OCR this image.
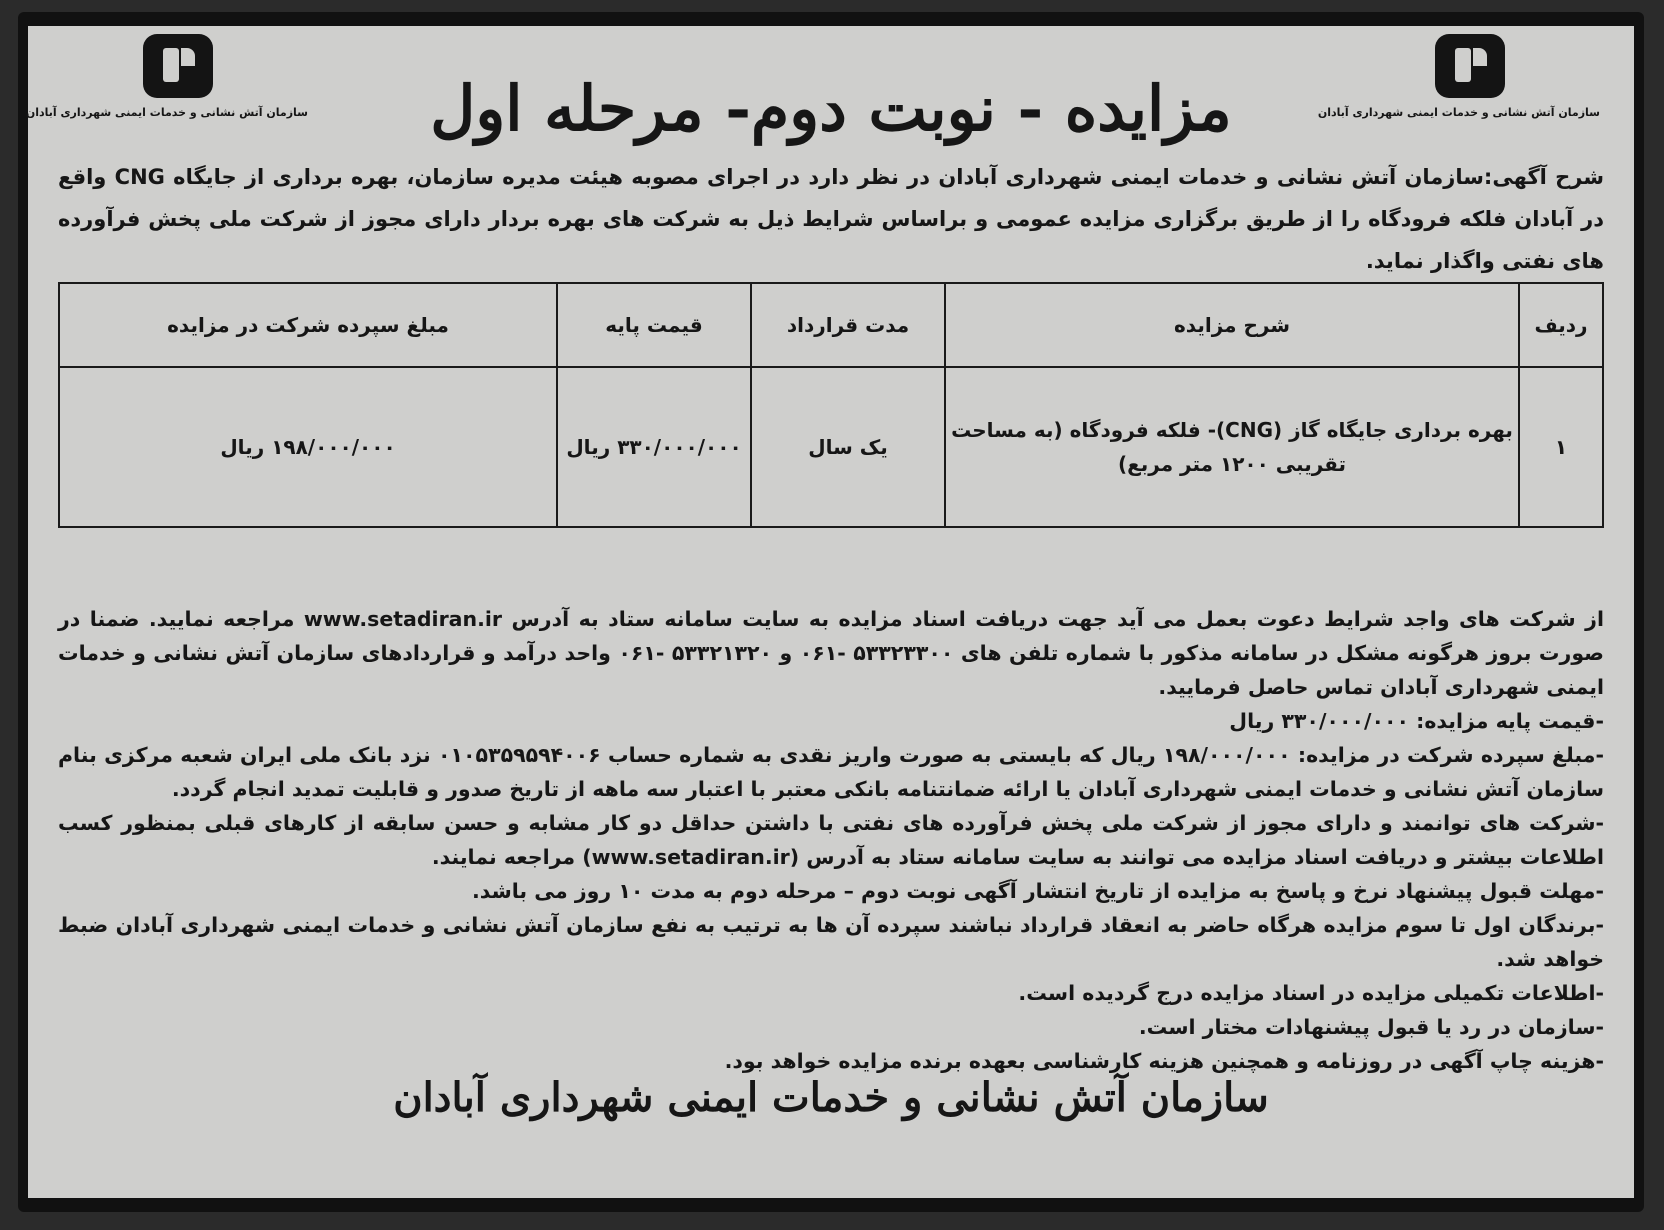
سازمان آتش نشانی و خدمات ایمنی شهرداری آبادان
سازمان آتش نشانی و خدمات ایمنی شهرداری آبادان	مزایده - نوبت دوم- مرحله اول
شرح آگهی:سازمان آتش نشانی و خدمات ایمنی شهرداری آبادان در نظر دارد در اجرای مصوبه هیئت مدیره سازمان، بهره برداری از جایگاه CNG واقع در آبادان فلکه فرودگاه را از طریق برگزاری مزایده عمومی و براساس شرایط ذیل به شرکت های بهره بردار دارای مجوز از شرکت ملی پخش فرآورده های نفتی واگذار نماید.
ردیف	شرح مزایده	مدت قرارداد	قیمت پایه	مبلغ سپرده شرکت در مزایده
۱	بهره برداری جایگاه گاز (CNG)- فلکه فرودگاه (به مساحت تقریبی ۱۲۰۰ متر مربع)	یک سال	۳۳۰/۰۰۰/۰۰۰ ریال	۱۹۸/۰۰۰/۰۰۰ ریال

از شرکت های واجد شرایط دعوت بعمل می آید جهت دریافت اسناد مزایده به سایت سامانه ستاد به آدرس www.setadiran.ir مراجعه نمایید. ضمنا در صورت بروز هرگونه مشکل در سامانه مذکور با شماره تلفن های ۵۳۳۲۳۳۰۰ -۰۶۱ و ۵۳۳۲۱۳۲۰ -۰۶۱ واحد درآمد و قراردادهای سازمان آتش نشانی و خدمات ایمنی شهرداری آبادان تماس حاصل فرمایید.

-قیمت پایه مزایده: ۳۳۰/۰۰۰/۰۰۰ ریال

-مبلغ سپرده شرکت در مزایده: ۱۹۸/۰۰۰/۰۰۰ ریال که بایستی به صورت واریز نقدی به شماره حساب ۰۱۰۵۳۵۹۵۹۴۰۰۶ نزد بانک ملی ایران شعبه مرکزی بنام سازمان آتش نشانی و خدمات ایمنی شهرداری آبادان یا ارائه ضمانتنامه بانکی معتبر با اعتبار سه ماهه از تاریخ صدور و قابلیت تمدید انجام گردد.

-شرکت های توانمند و دارای مجوز از شرکت ملی پخش فرآورده های نفتی با داشتن حداقل دو کار مشابه و حسن سابقه از کارهای قبلی بمنظور کسب اطلاعات بیشتر و دریافت اسناد مزایده می توانند به سایت سامانه ستاد به آدرس (www.setadiran.ir) مراجعه نمایند.

-مهلت قبول پیشنهاد نرخ و پاسخ به مزایده از تاریخ انتشار آگهی نوبت دوم – مرحله دوم به مدت ۱۰ روز می باشد.

-برندگان اول تا سوم مزایده هرگاه حاضر به انعقاد قرارداد نباشند سپرده آن ها به ترتیب به نفع سازمان آتش نشانی و خدمات ایمنی شهرداری آبادان ضبط خواهد شد.

-اطلاعات تکمیلی مزایده در اسناد مزایده درج گردیده است.

-سازمان در رد یا قبول پیشنهادات مختار است.

-هزینه چاپ آگهی در روزنامه و همچنین هزینه کارشناسی بعهده برنده مزایده خواهد بود.

سازمان آتش نشانی و خدمات ایمنی شهرداری آبادان
